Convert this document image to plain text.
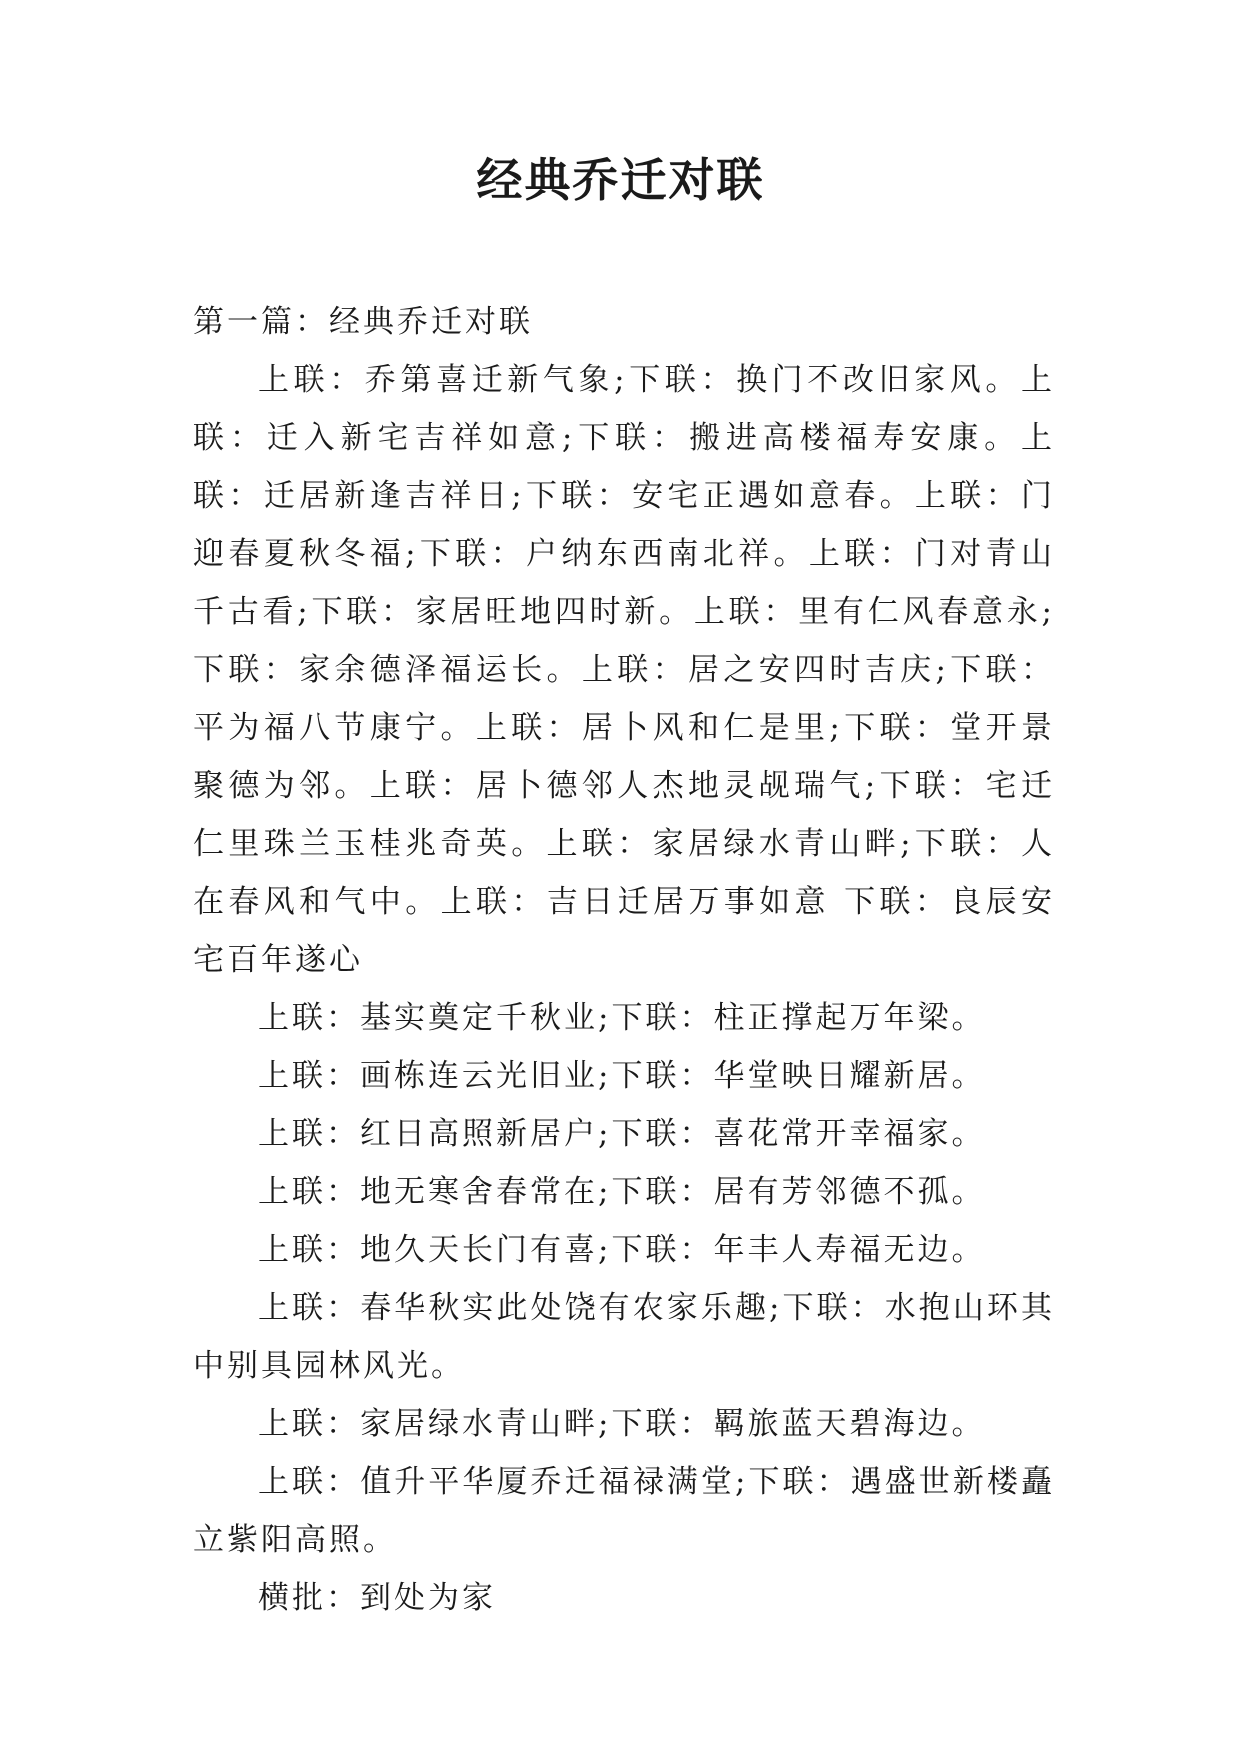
经典乔迁对联

第一篇：经典乔迁对联

上联：乔第喜迁新气象;下联：换门不改旧家风。上联：迁入新宅吉祥如意;下联：搬进高楼福寿安康。上联：迁居新逢吉祥日;下联：安宅正遇如意春。上联：门迎春夏秋冬福;下联：户纳东西南北祥。上联：门对青山千古看;下联：家居旺地四时新。上联：里有仁风春意永;下联：家余德泽福运长。上联：居之安四时吉庆;下联：平为福八节康宁。上联：居卜风和仁是里;下联：堂开景聚德为邻。上联：居卜德邻人杰地灵觇瑞气;下联：宅迁仁里珠兰玉桂兆奇英。上联：家居绿水青山畔;下联：人在春风和气中。上联：吉日迁居万事如意 下联：良辰安宅百年遂心

上联：基实奠定千秋业;下联：柱正撑起万年梁。

上联：画栋连云光旧业;下联：华堂映日耀新居。

上联：红日高照新居户;下联：喜花常开幸福家。

上联：地无寒舍春常在;下联：居有芳邻德不孤。

上联：地久天长门有喜;下联：年丰人寿福无边。

上联：春华秋实此处饶有农家乐趣;下联：水抱山环其中别具园林风光。

上联：家居绿水青山畔;下联：羁旅蓝天碧海边。

上联：值升平华厦乔迁福禄满堂;下联：遇盛世新楼矗立紫阳高照。

横批：到处为家
